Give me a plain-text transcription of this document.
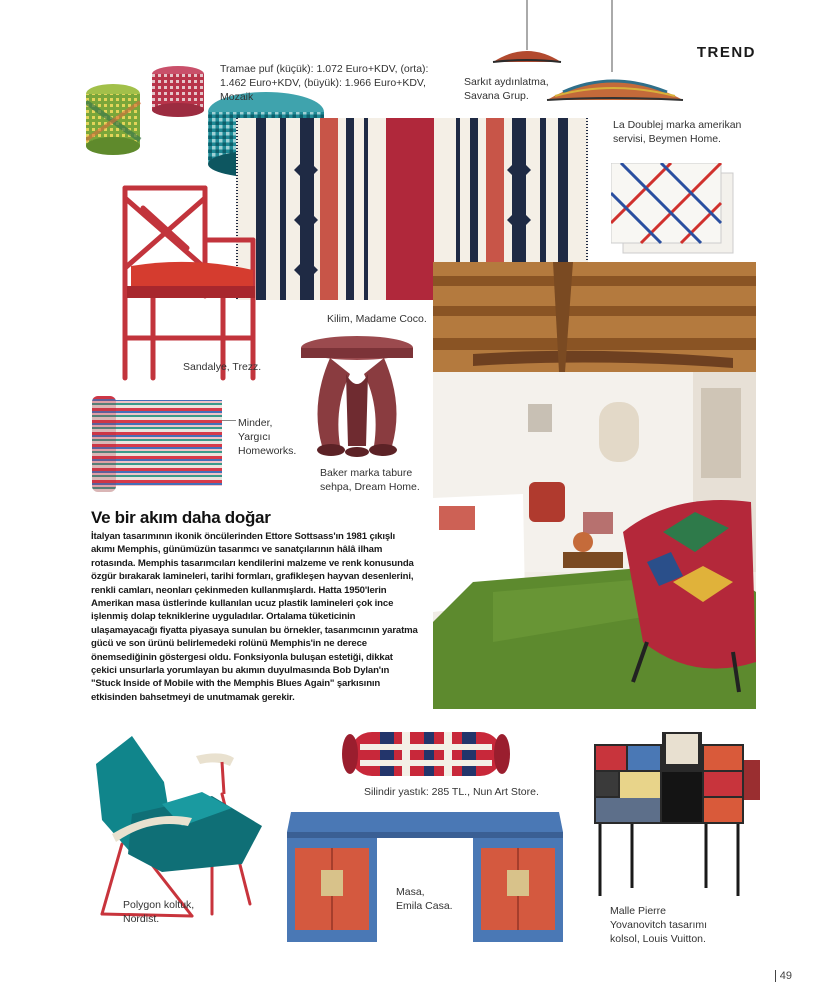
TREND
Tramae puf (küçük): 1.072 Euro+KDV, (orta):
1.462 Euro+KDV, (büyük): 1.966 Euro+KDV, Mozaik
Sarkıt aydınlatma,
Savana Grup.
La Doublej marka amerikan
servisi, Beymen Home.
Kilim, Madame Coco.
Sandalye, Trezz.
Baker marka tabure
sehpa, Dream Home.
Minder,
Yargıcı
Homeworks.
Ve bir akım daha doğar
İtalyan tasarımının ikonik öncülerinden Ettore Sottsass'ın 1981 çıkışlı akımı Memphis, günümüzün tasarımcı ve sanatçılarının hâlâ ilham rotasında. Memphis tasarımcıları kendilerini malzeme ve renk konusunda özgür bırakarak lamineleri, tarihi formları, grafikleşen hayvan desenlerini, renkli camları, neonları çekinmeden kullanmışlardı. Hatta 1950'lerin Amerikan masa üstlerinde kullanılan ucuz plastik lamineleri çok ince işlenmiş dolap tekniklerine uyguladılar. Ortalama tüketicinin ulaşamayacağı fiyatta piyasaya sunulan bu örnekler, tasarımcının yaratma gücü ve son ürünü belirlemedeki rolünü Memphis'in ne derece önemsediğinin göstergesi oldu. Fonksiyonla buluşan estetiği, dikkat çekici unsurlarla yorumlayan bu akımın duyulmasında Bob Dylan'ın "Stuck Inside of Mobile with the Memphis Blues Again" şarkısının etkisinden bahsetmeyi de unutmamak gerekir.
Silindir yastık: 285 TL., Nun Art Store.
Polygon koltuk,
Nordist.
Masa,
Emila Casa.	Malle Pierre
Yovanovitch tasarımı
kolsol, Louis Vuitton.
49
